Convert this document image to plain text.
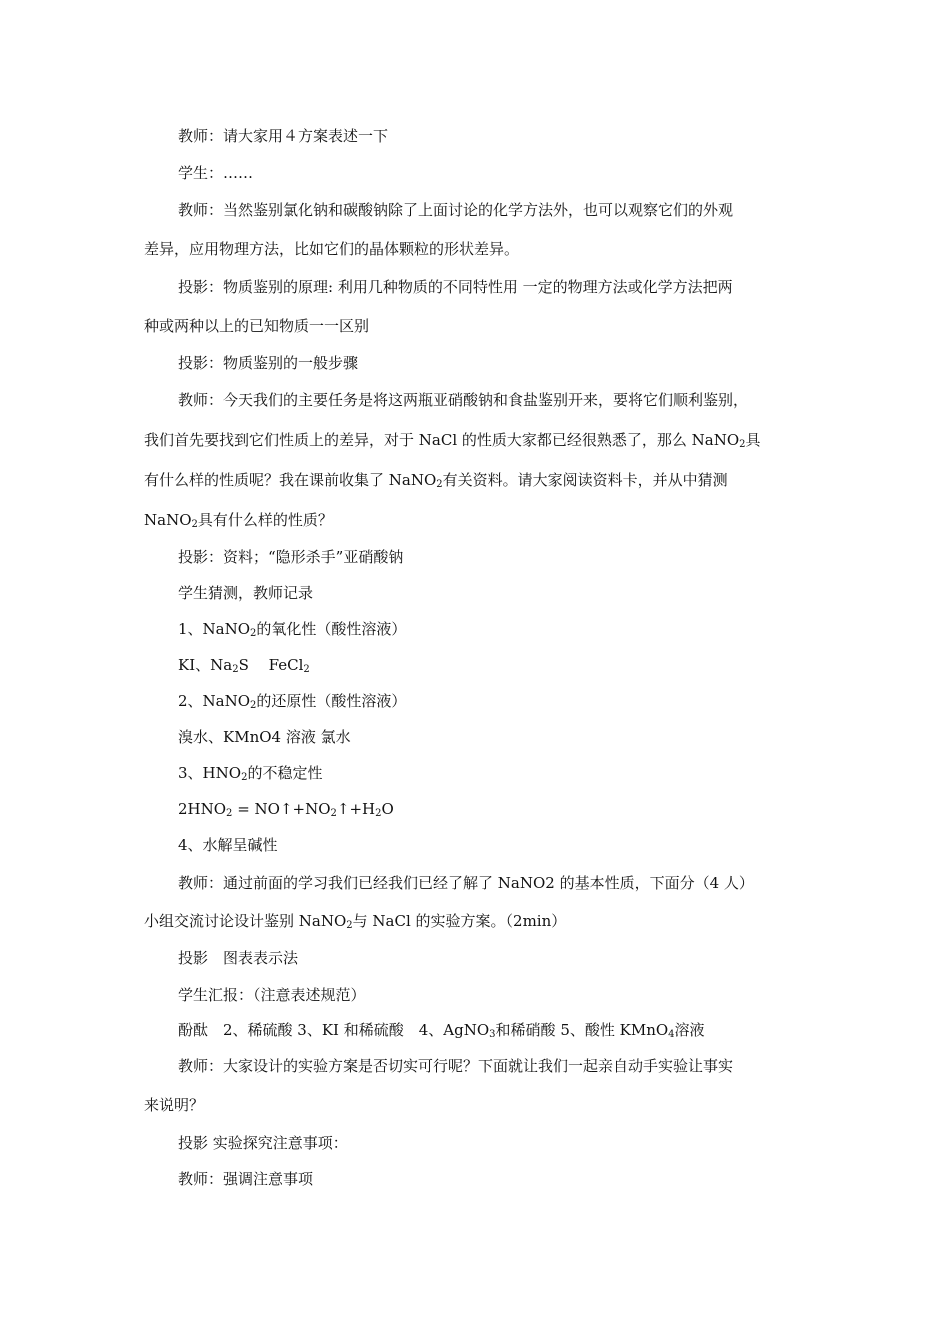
教师：请大家用４方案表述一下
学生：……
教师：当然鉴别氯化钠和碳酸钠除了上面讨论的化学方法外，也可以观察它们的外观
差异，应用物理方法，比如它们的晶体颗粒的形状差异。
投影：物质鉴别的原理: 利用几种物质的不同特性用 一定的物理方法或化学方法把两
种或两种以上的已知物质一一区别
投影：物质鉴别的一般步骤
教师：今天我们的主要任务是将这两瓶亚硝酸钠和食盐鉴别开来，要将它们顺利鉴别，
我们首先要找到它们性质上的差异，对于 NaCl 的性质大家都已经很熟悉了，那么 NaNO$_2$具
有什么样的性质呢？我在课前收集了 NaNO$_2$有关资料。请大家阅读资料卡，并从中猜测
NaNO$_2$具有什么样的性质？
投影：资料；“隐形杀手”亚硝酸钠
学生猜测，教师记录
1、NaNO$_2$的氧化性（酸性溶液）
KI、$Na_2S$　 FeCl$_2$
2、NaNO$_2$的还原性（酸性溶液）
溴水、KMnO4 溶液 氯水
3、$HNO_2$的不稳定性
$2HNO_2$ = $NO↑+NO_2↑+H_2O$
4、水解呈碱性
教师：通过前面的学习我们已经我们已经了解了 NaNO2 的基本性质，下面分（4 人）
小组交流讨论设计鉴别 NaNO$_2$与 NaCl 的实验方案。（2min）
投影　图表表示法
学生汇报：（注意表述规范）
酚酞　2、稀硫酸 3、KI 和稀硫酸　4、AgNO$_3$和稀硝酸 5、酸性 KMnO$_4$溶液
教师：大家设计的实验方案是否切实可行呢？下面就让我们一起亲自动手实验让事实
来说明？
投影 实验探究注意事项：
教师：强调注意事项
